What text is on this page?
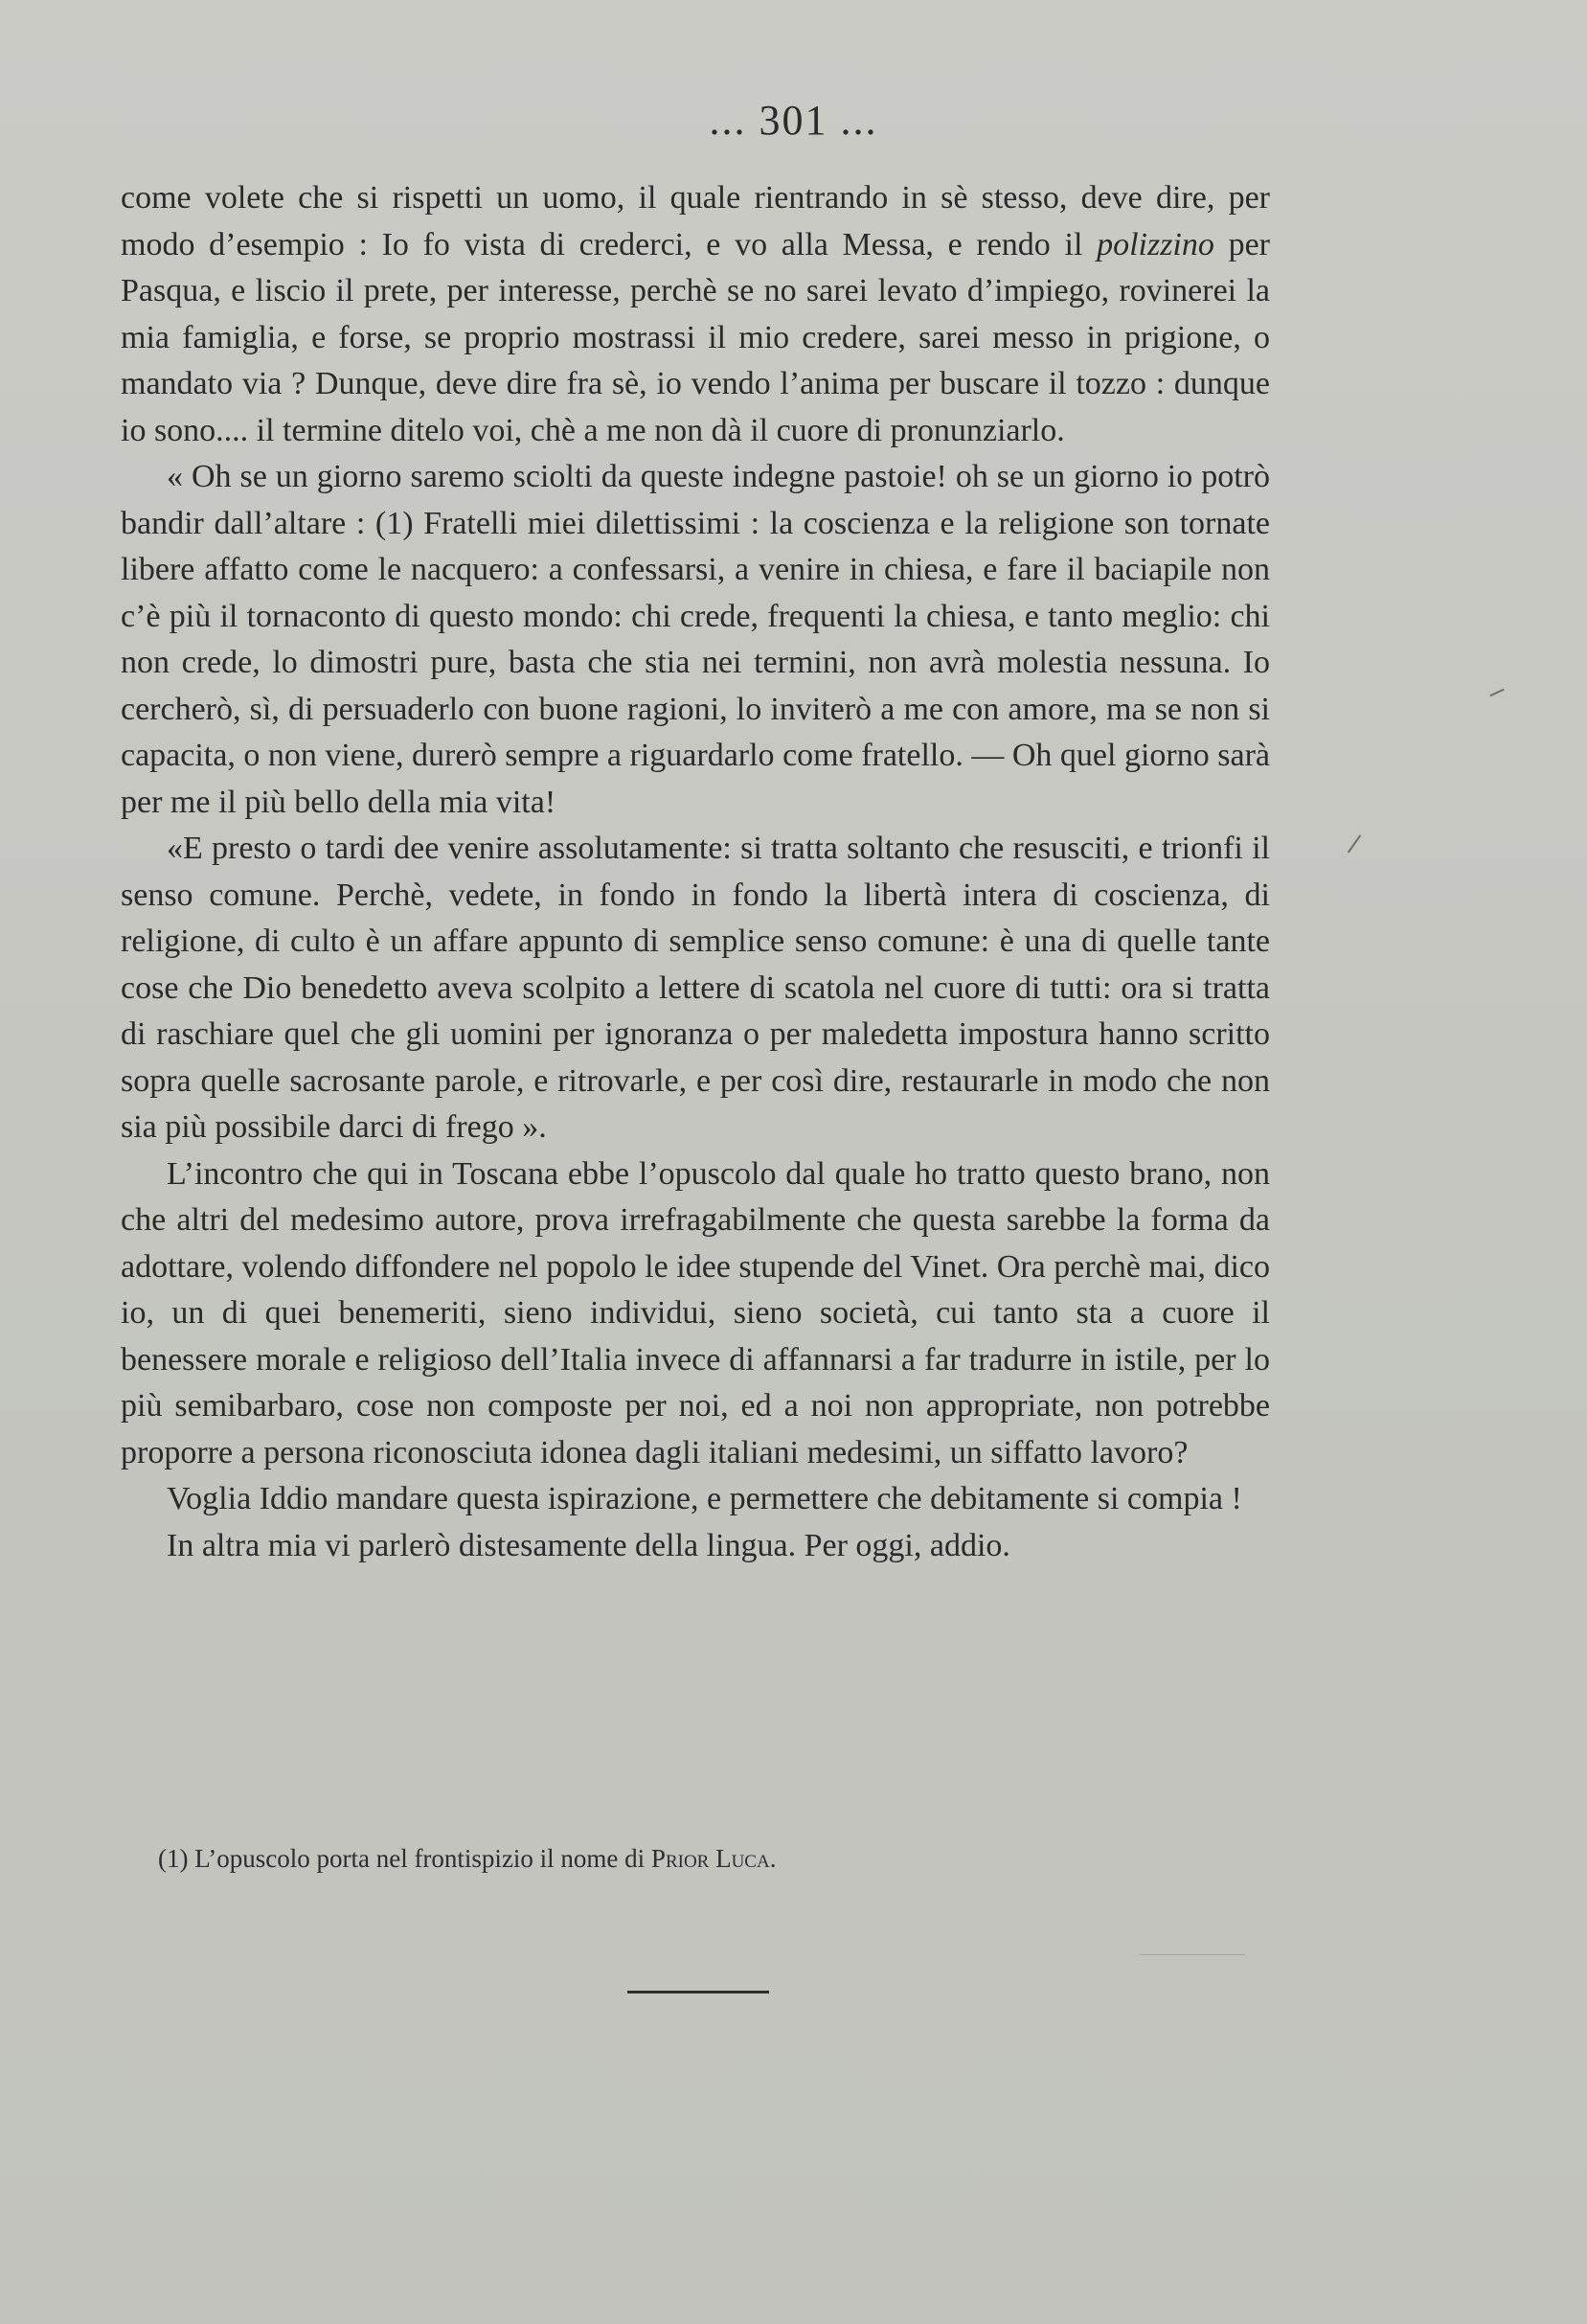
... 301 ...

come volete che si rispetti un uomo, il quale rientrando in sè stesso, deve dire, per modo d’esempio : Io fo vista di crederci, e vo alla Messa, e rendo il polizzino per Pasqua, e liscio il prete, per interesse, perchè se no sarei levato d’impiego, rovinerei la mia famiglia, e forse, se proprio mostrassi il mio credere, sarei messo in prigione, o mandato via ? Dunque, deve dire fra sè, io vendo l’anima per buscare il tozzo : dunque io sono.... il termine ditelo voi, chè a me non dà il cuore di pronunziarlo.

« Oh se un giorno saremo sciolti da queste indegne pastoie! oh se un giorno io potrò bandir dall’altare : (1) Fratelli miei dilettissimi : la coscienza e la religione son tornate libere affatto come le nacquero: a confessarsi, a venire in chiesa, e fare il baciapile non c’è più il tornaconto di questo mondo: chi crede, frequenti la chiesa, e tanto meglio: chi non crede, lo dimostri pure, basta che stia nei termini, non avrà molestia nessuna. Io cercherò, sì, di persuaderlo con buone ragioni, lo inviterò a me con amore, ma se non si capacita, o non viene, durerò sempre a riguardarlo come fratello. — Oh quel giorno sarà per me il più bello della mia vita!

«E presto o tardi dee venire assolutamente: si tratta soltanto che resusciti, e trionfi il senso comune. Perchè, vedete, in fondo in fondo la libertà intera di coscienza, di religione, di culto è un affare appunto di semplice senso comune: è una di quelle tante cose che Dio benedetto aveva scolpito a lettere di scatola nel cuore di tutti: ora si tratta di raschiare quel che gli uomini per ignoranza o per maledetta impostura hanno scritto sopra quelle sacrosante parole, e ritrovarle, e per così dire, restaurarle in modo che non sia più possibile darci di frego ».

L’incontro che qui in Toscana ebbe l’opuscolo dal quale ho tratto questo brano, non che altri del medesimo autore, prova irrefragabilmente che questa sarebbe la forma da adottare, volendo diffondere nel popolo le idee stupende del Vinet. Ora perchè mai, dico io, un di quei benemeriti, sieno individui, sieno società, cui tanto sta a cuore il benessere morale e religioso dell’Italia invece di affannarsi a far tradurre in istile, per lo più semibarbaro, cose non composte per noi, ed a noi non appropriate, non potrebbe proporre a persona riconosciuta idonea dagli italiani medesimi, un siffatto lavoro?

Voglia Iddio mandare questa ispirazione, e permettere che debitamente si compia !

In altra mia vi parlerò distesamente della lingua. Per oggi, addio.

(1) L’opuscolo porta nel frontispizio il nome di Prior Luca.
